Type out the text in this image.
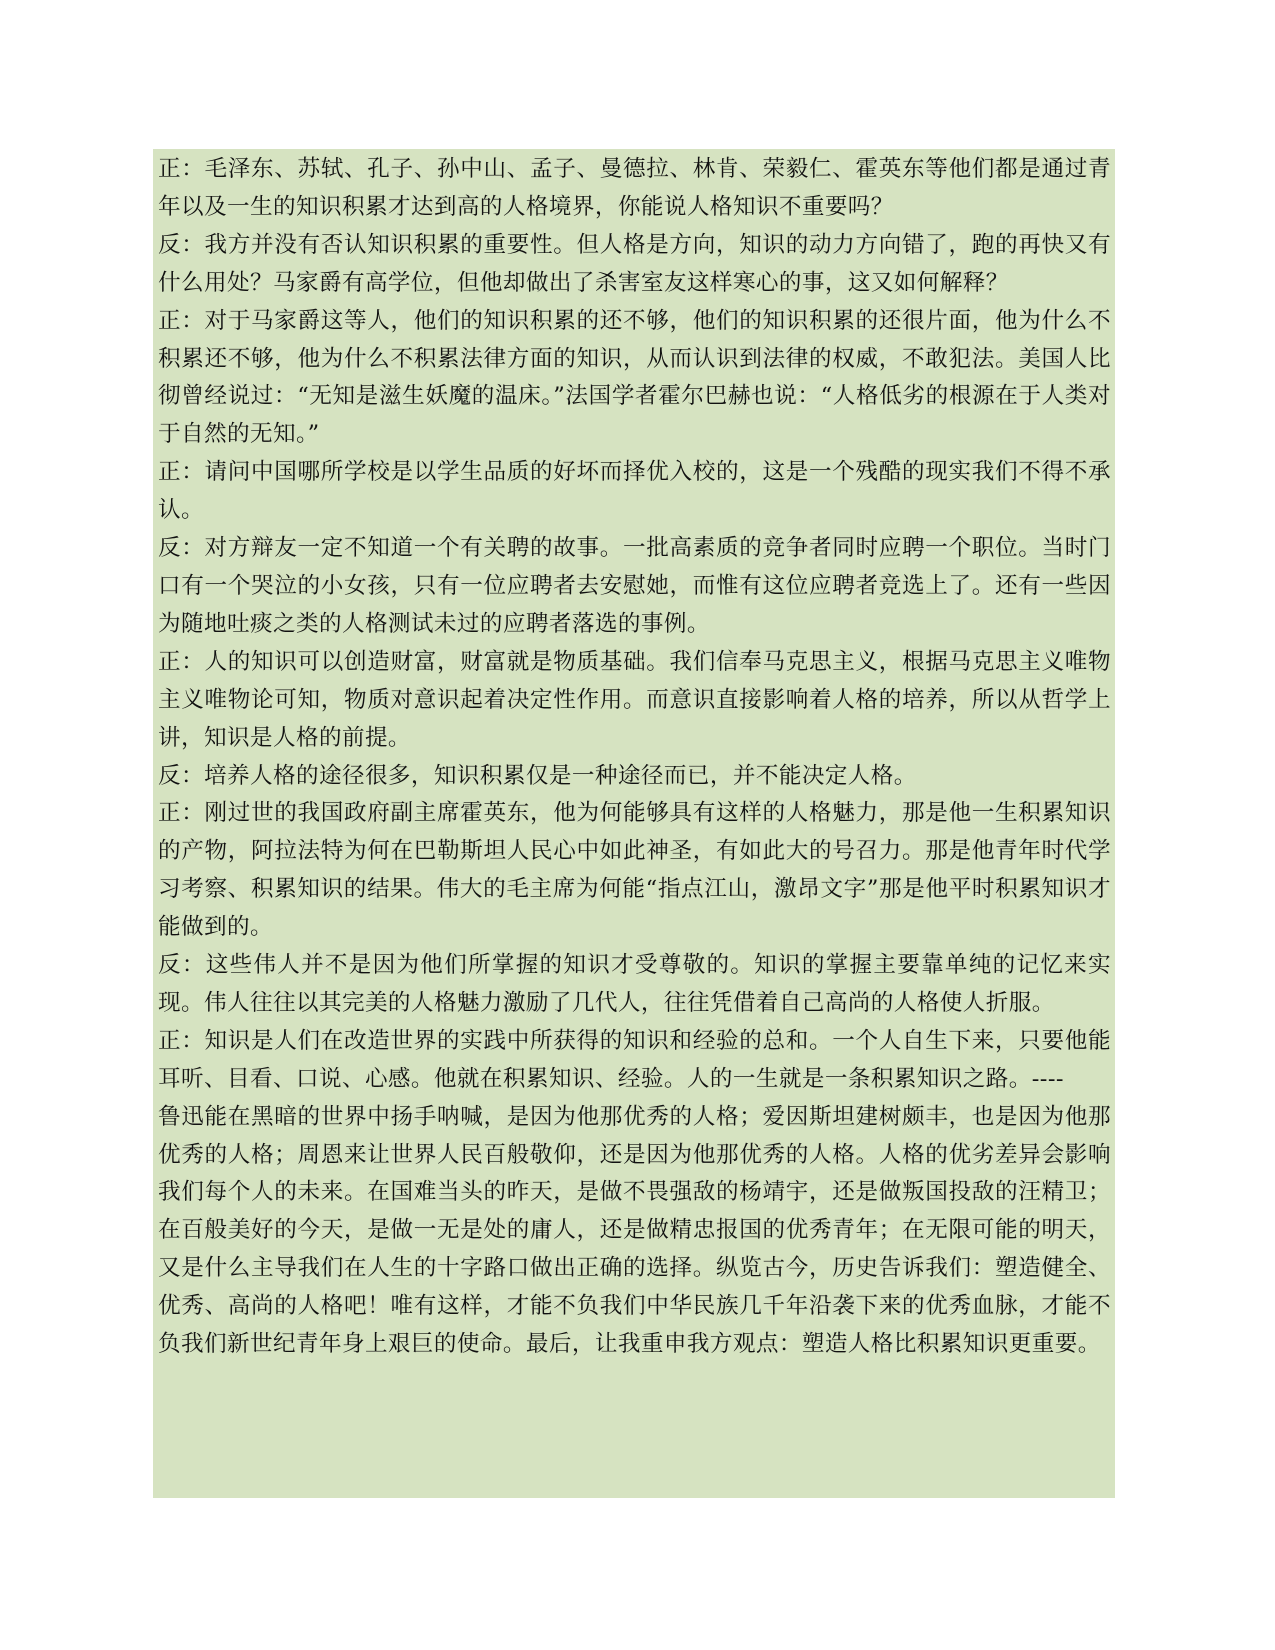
正：毛泽东、苏轼、孔子、孙中山、孟子、曼德拉、林肯、荣毅仁、霍英东等他们都是通过青年以及一生的知识积累才达到高的人格境界，你能说人格知识不重要吗？

反：我方并没有否认知识积累的重要性。但人格是方向，知识的动力方向错了，跑的再快又有什么用处？马家爵有高学位，但他却做出了杀害室友这样寒心的事，这又如何解释？

正：对于马家爵这等人，他们的知识积累的还不够，他们的知识积累的还很片面，他为什么不积累还不够，他为什么不积累法律方面的知识，从而认识到法律的权威，不敢犯法。美国人比彻曾经说过：“无知是滋生妖魔的温床。”法国学者霍尔巴赫也说：“人格低劣的根源在于人类对于自然的无知。”

正：请问中国哪所学校是以学生品质的好坏而择优入校的，这是一个残酷的现实我们不得不承认。

反：对方辩友一定不知道一个有关聘的故事。一批高素质的竞争者同时应聘一个职位。当时门口有一个哭泣的小女孩，只有一位应聘者去安慰她，而惟有这位应聘者竞选上了。还有一些因为随地吐痰之类的人格测试未过的应聘者落选的事例。

正：人的知识可以创造财富，财富就是物质基础。我们信奉马克思主义，根据马克思主义唯物主义唯物论可知，物质对意识起着决定性作用。而意识直接影响着人格的培养，所以从哲学上讲，知识是人格的前提。

反：培养人格的途径很多，知识积累仅是一种途径而已，并不能决定人格。

正：刚过世的我国政府副主席霍英东，他为何能够具有这样的人格魅力，那是他一生积累知识的产物，阿拉法特为何在巴勒斯坦人民心中如此神圣，有如此大的号召力。那是他青年时代学习考察、积累知识的结果。伟大的毛主席为何能“指点江山，激昂文字”那是他平时积累知识才能做到的。

反：这些伟人并不是因为他们所掌握的知识才受尊敬的。知识的掌握主要靠单纯的记忆来实现。伟人往往以其完美的人格魅力激励了几代人，往往凭借着自己高尚的人格使人折服。

正：知识是人们在改造世界的实践中所获得的知识和经验的总和。一个人自生下来，只要他能耳听、目看、口说、心感。他就在积累知识、经验。人的一生就是一条积累知识之路。----

鲁迅能在黑暗的世界中扬手呐喊，是因为他那优秀的人格；爱因斯坦建树颇丰，也是因为他那优秀的人格；周恩来让世界人民百般敬仰，还是因为他那优秀的人格。人格的优劣差异会影响我们每个人的未来。在国难当头的昨天，是做不畏强敌的杨靖宇，还是做叛国投敌的汪精卫；在百般美好的今天，是做一无是处的庸人，还是做精忠报国的优秀青年；在无限可能的明天，又是什么主导我们在人生的十字路口做出正确的选择。纵览古今，历史告诉我们：塑造健全、优秀、高尚的人格吧！唯有这样，才能不负我们中华民族几千年沿袭下来的优秀血脉，才能不负我们新世纪青年身上艰巨的使命。最后，让我重申我方观点：塑造人格比积累知识更重要。
